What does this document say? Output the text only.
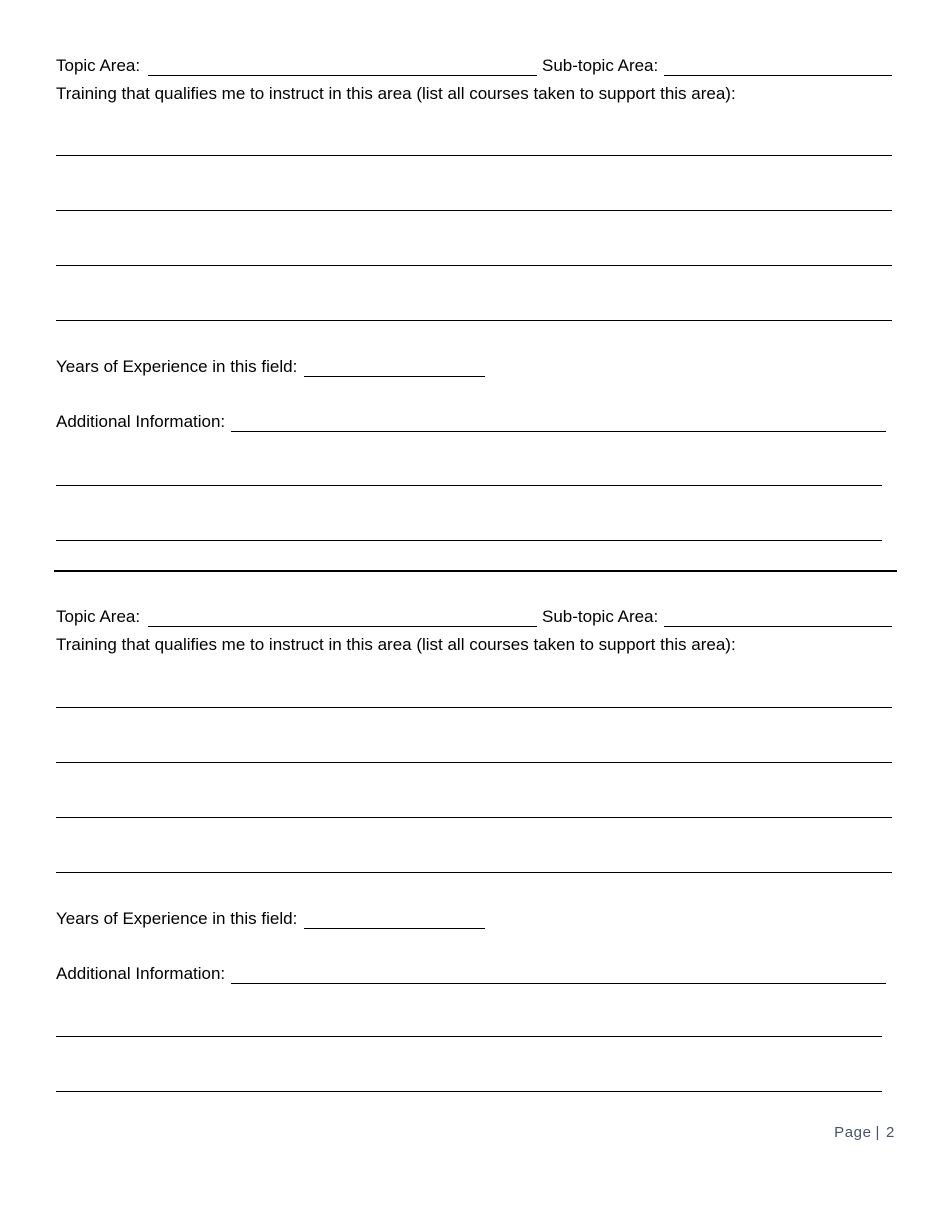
Topic Area:	Sub-topic Area:
Training that qualifies me to instruct in this area (list all courses taken to support this area):
Years of Experience in this field:
Additional Information:
Topic Area:	Sub-topic Area:
Training that qualifies me to instruct in this area (list all courses taken to support this area):
Years of Experience in this field:
Additional Information:
Page | 2
